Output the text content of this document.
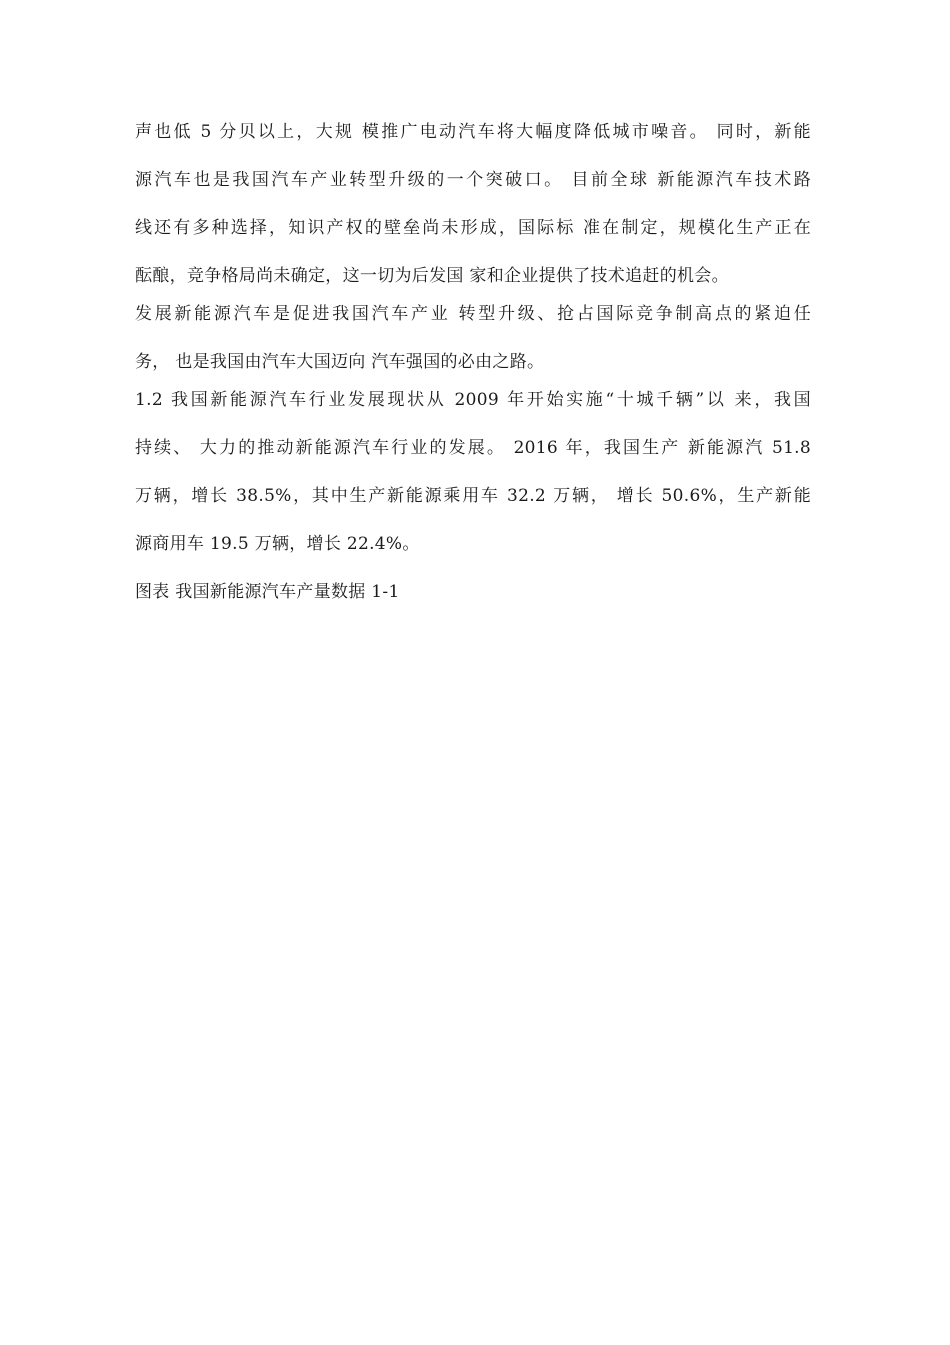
声也低 5 分贝以上，大规 模推广电动汽车将大幅度降低城市噪音。 同时，新能
源汽车也是我国汽车产业转型升级的一个突破口。 目前全球 新能源汽车技术路
线还有多种选择，知识产权的壁垒尚未形成，国际标 准在制定，规模化生产正在
酝酿，竞争格局尚未确定，这一切为后发国 家和企业提供了技术追赶的机会。
发展新能源汽车是促进我国汽车产业 转型升级、抢占国际竞争制高点的紧迫任
务， 也是我国由汽车大国迈向 汽车强国的必由之路。
1.2 我国新能源汽车行业发展现状从 2009 年开始实施“十城千辆”以 来，我国
持续、 大力的推动新能源汽车行业的发展。 2016 年，我国生产 新能源汽 51.8
万辆，增长 38.5%，其中生产新能源乘用车 32.2 万辆， 增长 50.6%，生产新能
源商用车 19.5 万辆，增长 22.4%。
图表 我国新能源汽车产量数据 1-1
